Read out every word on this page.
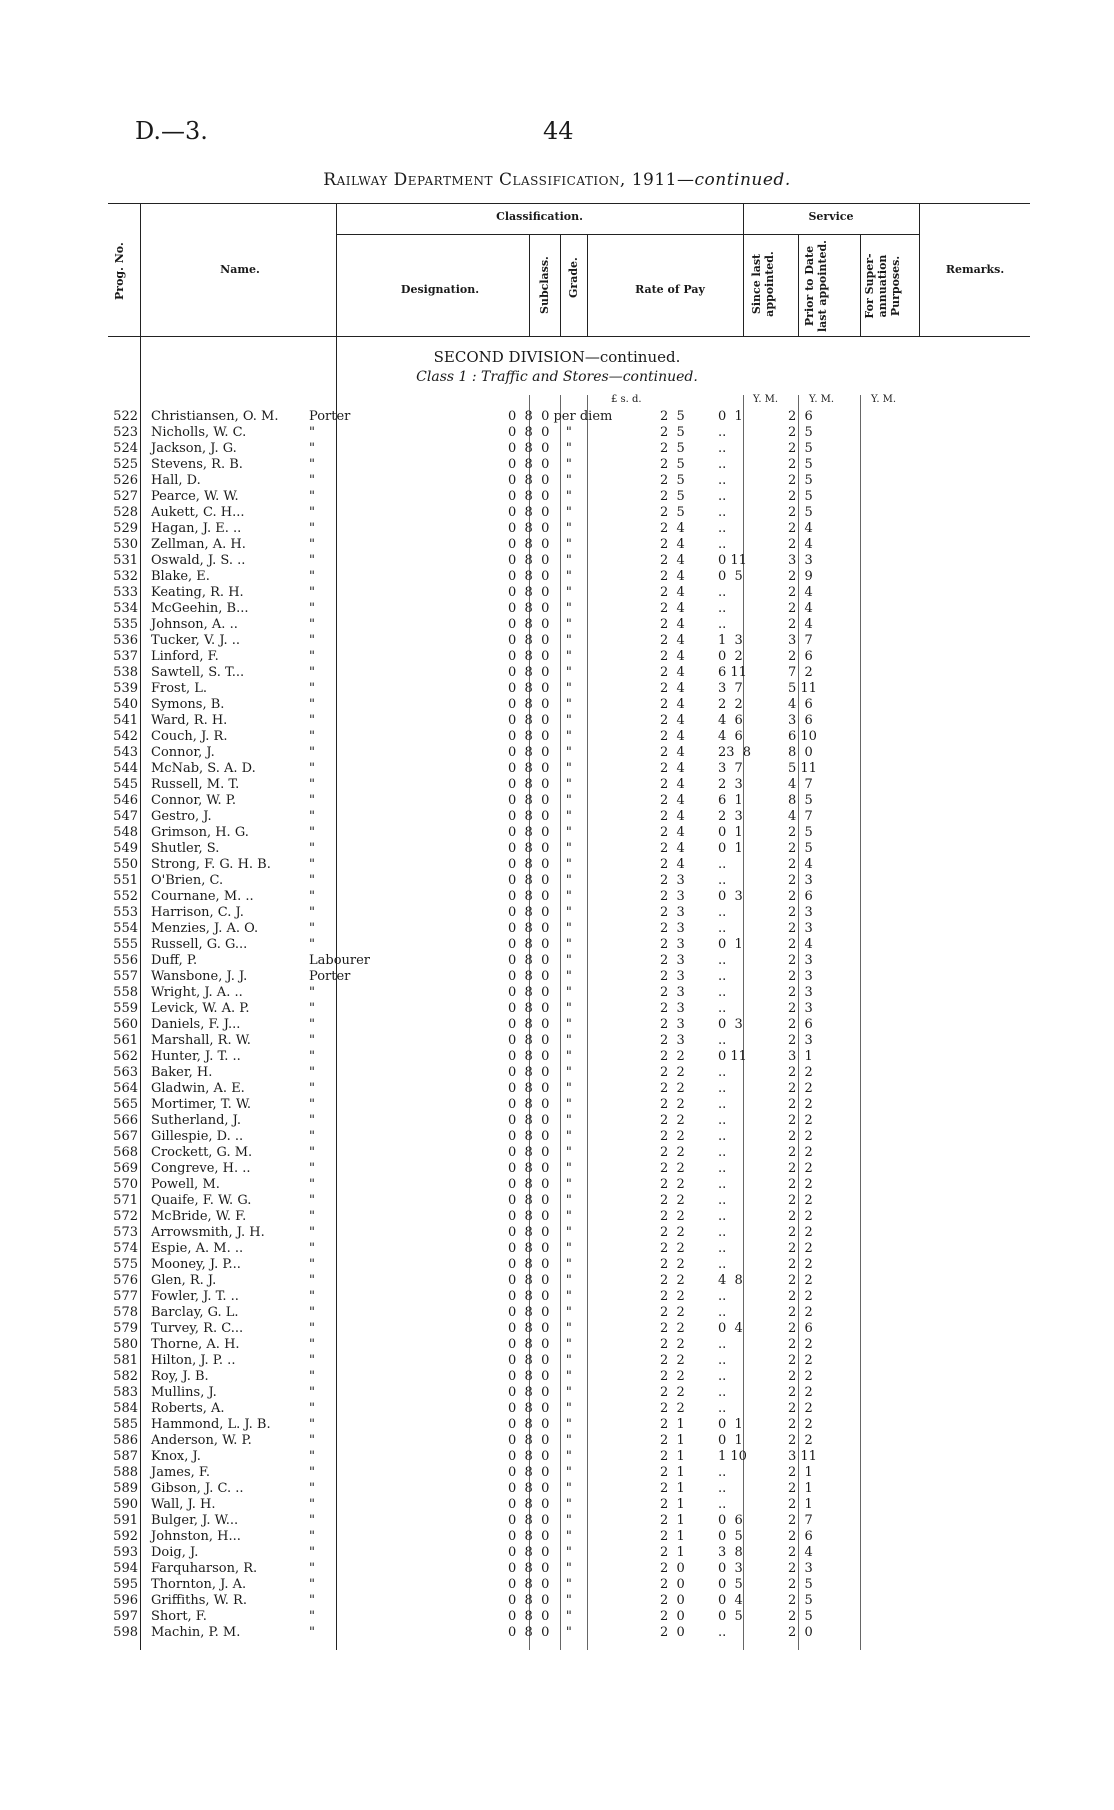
D.—3.	44
Railway Department Classification, 1911—continued.
Prog. No.	Name.
Classification.	Service
Designation.	Subclass. Grade.	Rate of Pay	Since last appointed. Prior to Date last appointed.	For Super-annuation Purposes.	Remarks.
SECOND DIVISION—continued.
Class 1 : Traffic and Stores—continued.
£ s. d.	Y. M.	Y. M.	Y. M.
522	Christiansen, O. M.	Porter	0  8  0 per diem	2  5	0  1	2  6
523	Nicholls, W. C.	"	0  8  0    "	2  5	..	2  5
524	Jackson, J. G.	"	0  8  0    "	2  5	..	2  5
525	Stevens, R. B.	"	0  8  0    "	2  5	..	2  5
526	Hall, D.	"	0  8  0    "	2  5	..	2  5
527	Pearce, W. W.	"	0  8  0    "	2  5	..	2  5
528	Aukett, C. H...	"	0  8  0    "	2  5	..	2  5
529	Hagan, J. E. ..	"	0  8  0    "	2  4	..	2  4
530	Zellman, A. H.	"	0  8  0    "	2  4	..	2  4
531	Oswald, J. S. ..	"	0  8  0    "	2  4	0 11	3  3
532	Blake, E.	"	0  8  0    "	2  4	0  5	2  9
533	Keating, R. H.	"	0  8  0    "	2  4	..	2  4
534	McGeehin, B...	"	0  8  0    "	2  4	..	2  4
535	Johnson, A. ..	"	0  8  0    "	2  4	..	2  4
536	Tucker, V. J. ..	"	0  8  0    "	2  4	1  3	3  7
537	Linford, F.	"	0  8  0    "	2  4	0  2	2  6
538	Sawtell, S. T...	"	0  8  0    "	2  4	6 11	7  2
539	Frost, L.	"	0  8  0    "	2  4	3  7	5 11
540	Symons, B.	"	0  8  0    "	2  4	2  2	4  6
541	Ward, R. H.	"	0  8  0    "	2  4	4  6	3  6
542	Couch, J. R.	"	0  8  0    "	2  4	4  6	6 10
543	Connor, J.	"	0  8  0    "	2  4	23  8	8  0
544	McNab, S. A. D.	"	0  8  0    "	2  4	3  7	5 11
545	Russell, M. T.	"	0  8  0    "	2  4	2  3	4  7
546	Connor, W. P.	"	0  8  0    "	2  4	6  1	8  5
547	Gestro, J.	"	0  8  0    "	2  4	2  3	4  7
548	Grimson, H. G.	"	0  8  0    "	2  4	0  1	2  5
549	Shutler, S.	"	0  8  0    "	2  4	0  1	2  5
550	Strong, F. G. H. B.	"	0  8  0    "	2  4	..	2  4
551	O'Brien, C.	"	0  8  0    "	2  3	..	2  3
552	Cournane, M. ..	"	0  8  0    "	2  3	0  3	2  6
553	Harrison, C. J.	"	0  8  0    "	2  3	..	2  3
554	Menzies, J. A. O.	"	0  8  0    "	2  3	..	2  3
555	Russell, G. G...	"	0  8  0    "	2  3	0  1	2  4
556	Duff, P.	Labourer	0  8  0    "	2  3	..	2  3
557	Wansbone, J. J.	Porter	0  8  0    "	2  3	..	2  3
558	Wright, J. A. ..	"	0  8  0    "	2  3	..	2  3
559	Levick, W. A. P.	"	0  8  0    "	2  3	..	2  3
560	Daniels, F. J...	"	0  8  0    "	2  3	0  3	2  6
561	Marshall, R. W.	"	0  8  0    "	2  3	..	2  3
562	Hunter, J. T. ..	"	0  8  0    "	2  2	0 11	3  1
563	Baker, H.	"	0  8  0    "	2  2	..	2  2
564	Gladwin, A. E.	"	0  8  0    "	2  2	..	2  2
565	Mortimer, T. W.	"	0  8  0    "	2  2	..	2  2
566	Sutherland, J.	"	0  8  0    "	2  2	..	2  2
567	Gillespie, D. ..	"	0  8  0    "	2  2	..	2  2
568	Crockett, G. M.	"	0  8  0    "	2  2	..	2  2
569	Congreve, H. ..	"	0  8  0    "	2  2	..	2  2
570	Powell, M.	"	0  8  0    "	2  2	..	2  2
571	Quaife, F. W. G.	"	0  8  0    "	2  2	..	2  2
572	McBride, W. F.	"	0  8  0    "	2  2	..	2  2
573	Arrowsmith, J. H.	"	0  8  0    "	2  2	..	2  2
574	Espie, A. M. ..	"	0  8  0    "	2  2	..	2  2
575	Mooney, J. P...	"	0  8  0    "	2  2	..	2  2
576	Glen, R. J.	"	0  8  0    "	2  2	4  8	2  2
577	Fowler, J. T. ..	"	0  8  0    "	2  2	..	2  2
578	Barclay, G. L.	"	0  8  0    "	2  2	..	2  2
579	Turvey, R. C...	"	0  8  0    "	2  2	0  4	2  6
580	Thorne, A. H.	"	0  8  0    "	2  2	..	2  2
581	Hilton, J. P. ..	"	0  8  0    "	2  2	..	2  2
582	Roy, J. B.	"	0  8  0    "	2  2	..	2  2
583	Mullins, J.	"	0  8  0    "	2  2	..	2  2
584	Roberts, A.	"	0  8  0    "	2  2	..	2  2
585	Hammond, L. J. B.	"	0  8  0    "	2  1	0  1	2  2
586	Anderson, W. P.	"	0  8  0    "	2  1	0  1	2  2
587	Knox, J.	"	0  8  0    "	2  1	1 10	3 11
588	James, F.	"	0  8  0    "	2  1	..	2  1
589	Gibson, J. C. ..	"	0  8  0    "	2  1	..	2  1
590	Wall, J. H.	"	0  8  0    "	2  1	..	2  1
591	Bulger, J. W...	"	0  8  0    "	2  1	0  6	2  7
592	Johnston, H...	"	0  8  0    "	2  1	0  5	2  6
593	Doig, J.	"	0  8  0    "	2  1	3  8	2  4
594	Farquharson, R.	"	0  8  0    "	2  0	0  3	2  3
595	Thornton, J. A.	"	0  8  0    "	2  0	0  5	2  5
596	Griffiths, W. R.	"	0  8  0    "	2  0	0  4	2  5
597	Short, F.	"	0  8  0    "	2  0	0  5	2  5
598	Machin, P. M.	"	0  8  0    "	2  0	..	2  0
